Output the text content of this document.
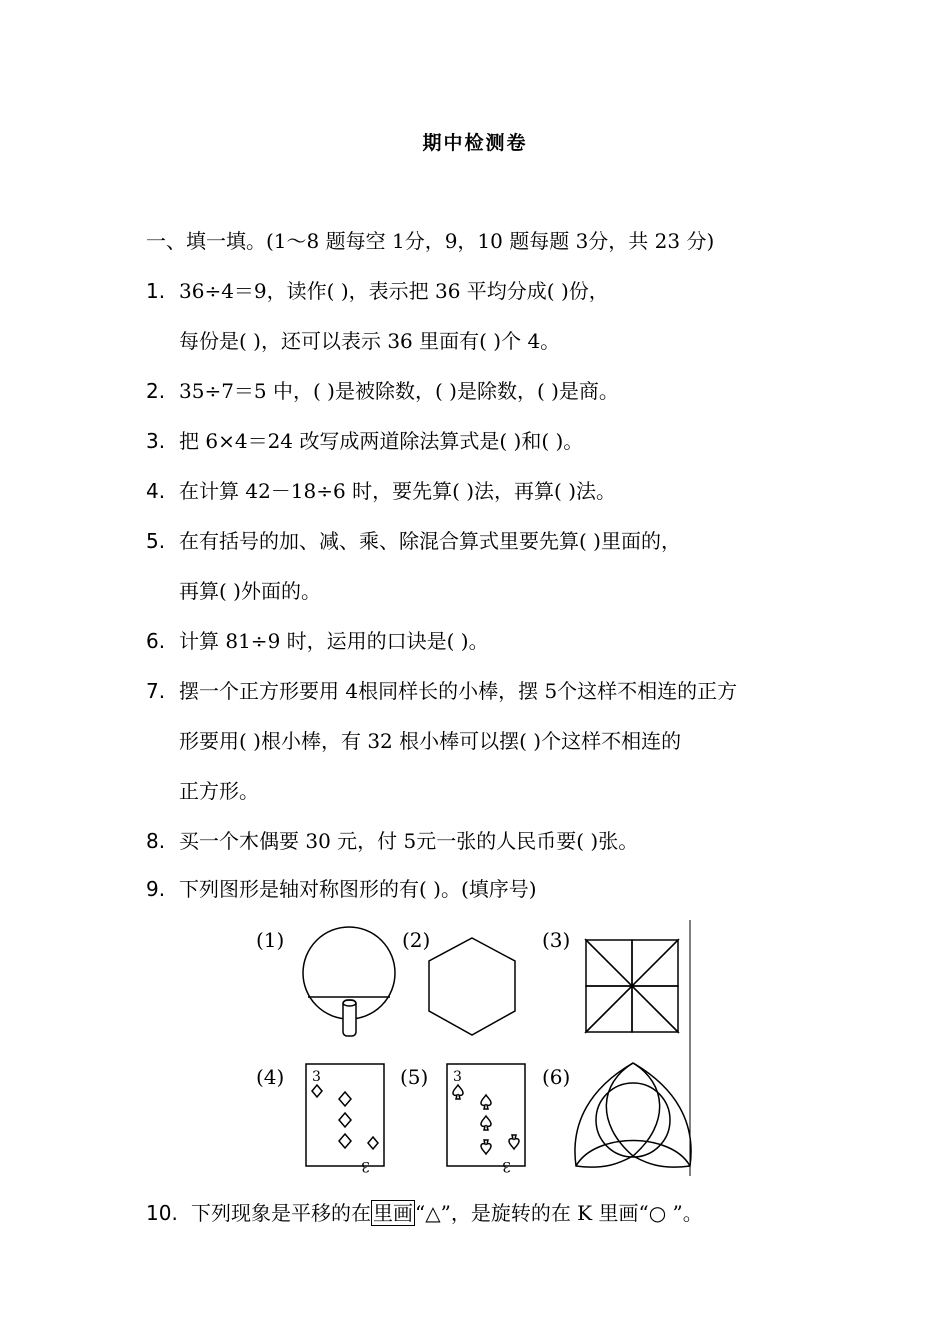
期中检测卷
一、填一填。(1～8 题每空 1分，9，10 题每题 3分，共 23 分)
1. 36÷4＝9，读作( )，表示把 36 平均分成( )份，
每份是( )，还可以表示 36 里面有( )个 4。
2. 35÷7＝5 中，( )是被除数，( )是除数，( )是商。
3. 把 6×4＝24 改写成两道除法算式是( )和( )。
4. 在计算 42－18÷6 时，要先算( )法，再算( )法。
5. 在有括号的加、减、乘、除混合算式里要先算( )里面的，
再算( )外面的。
6. 计算 81÷9 时，运用的口诀是( )。
7. 摆一个正方形要用 4根同样长的小棒，摆 5个这样不相连的正方
形要用( )根小棒，有 32 根小棒可以摆( )个这样不相连的
正方形。
8. 买一个木偶要 30 元，付 5元一张的人民币要( )张。
9. 下列图形是轴对称图形的有( )。(填序号)
(1)	(2)	(3)
(4) 3
3
(5) 3
3
(6)
10. 下列现象是平移的在 里画 “△”，是旋转的在 K 里画“○ ”。
